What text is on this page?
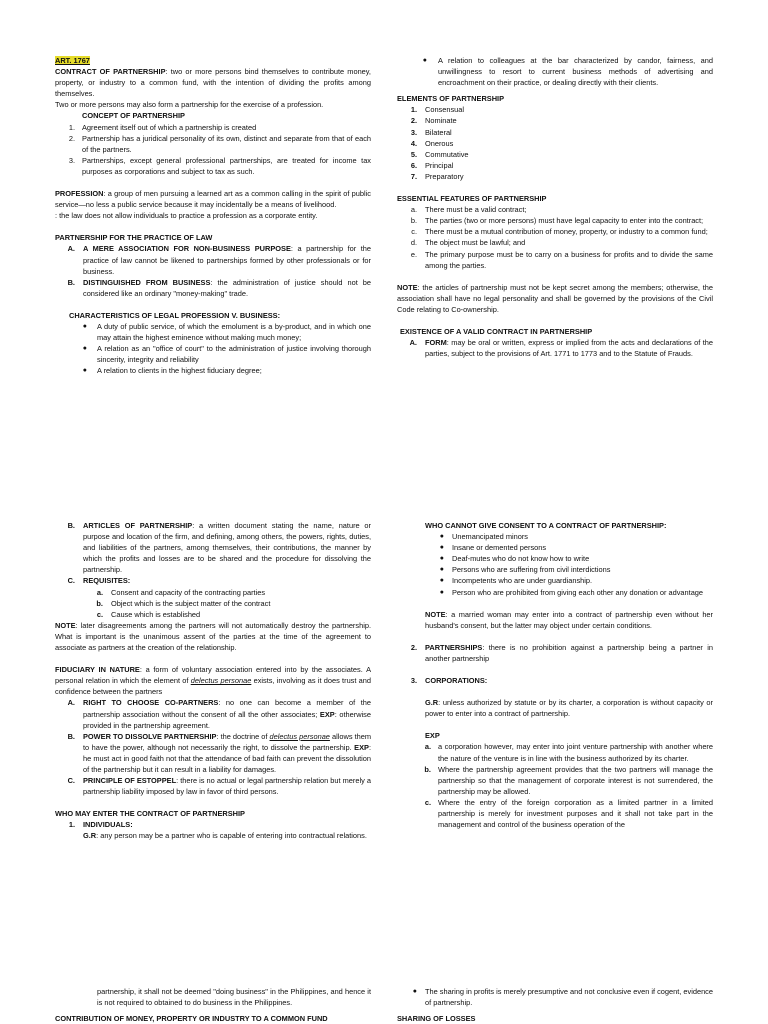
ART. 1767

CONTRACT OF PARTNERSHIP: two or more persons bind themselves to contribute money, property, or industry to a common fund, with the intention of dividing the profits among themselves.

Two or more persons may also form a partnership for the exercise of a profession.

CONCEPT OF PARTNERSHIP

1. Agreement itself out of which a partnership is created
2. Partnership has a juridical personality of its own, distinct and separate from that of each of the partners.
3. Partnerships, except general professional partnerships, are treated for income tax purposes as corporations and subject to tax as such.

PROFESSION: a group of men pursuing a learned art as a common calling in the spirit of public service—no less a public service because it may incidentally be a means of livelihood.

: the law does not allow individuals to practice a profession as a corporate entity.

PARTNERSHIP FOR THE PRACTICE OF LAW

A.	A MERE ASSOCIATION FOR NON-BUSINESS PURPOSE: a partnership for the practice of law cannot be likened to partnerships formed by other professionals or for business.
B.	DISTINGUISHED FROM BUSINESS: the administration of justice should not be considered like an ordinary "money-making" trade.

CHARACTERISTICS OF LEGAL PROFESSION V. BUSINESS:

●	A duty of public service, of which the emolument is a by-product, and in which one may attain the highest eminence without making much money;
●	A relation as an "office of court" to the administration of justice involving thorough sincerity, integrity and reliability
●	A relation to clients in the highest fiduciary degree;
●	A relation to colleagues at the bar characterized by candor, fairness, and unwillingness to resort to current business methods of advertising and encroachment on their practice, or dealing directly with their clients.

ELEMENTS OF PARTNERSHIP

1.	Consensual
2.	Nominate
3.	Bilateral
4.	Onerous
5.	Commutative
6.	Principal
7.	Preparatory

ESSENTIAL FEATURES OF PARTNERSHIP

a.	There must be a valid contract;
b.	The parties (two or more persons) must have legal capacity to enter into the contract;
c.	There must be a mutual contribution of money, property, or industry to a common fund;
d.	The object must be lawful; and
e.	The primary purpose must be to carry on a business for profits and to divide the same among the parties.

NOTE: the articles of partnership must not be kept secret among the members; otherwise, the association shall have no legal personality and shall be governed by the provisions of the Civil Code relating to Co-ownership.

EXISTENCE OF A VALID CONTRACT IN PARTNERSHIP

A.	FORM: may be oral or written, express or implied from the acts and declarations of the parties, subject to the provisions of Art. 1771 to 1773 and to the Statute of Frauds.
B.	ARTICLES OF PARTNERSHIP: a written document stating the name, nature or purpose and location of the firm, and defining, among others, the powers, rights, duties, and liabilities of the partners, among themselves, their contributions, the manner by which the profits and losses are to be shared and the procedure for dissolving the partnership.
C.	REQUISITES:
a.	Consent and capacity of the contracting parties
b.	Object which is the subject matter of the contract
c.	Cause which is established

NOTE: later disagreements among the partners will not automatically destroy the partnership. What is important is the unanimous assent of the parties at the time of the agreement to associate as partners at the creation of the relationship.

FIDUCIARY IN NATURE: a form of voluntary association entered into by the associates. A personal relation in which the element of delectus personae exists, involving as it does trust and confidence between the partners

A.	RIGHT TO CHOOSE CO-PARTNERS: no one can become a member of the partnership association without the consent of all the other associates; EXP: otherwise provided in the partnership agreement.
B.	POWER TO DISSOLVE PARTNERSHIP: the doctrine of delectus personae allows them to have the power, although not necessarily the right, to dissolve the partnership. EXP: he must act in good faith not that the attendance of bad faith can prevent the dissolution of the partnership but it can result in a liability for damages.
C.	PRINCIPLE OF ESTOPPEL: there is no actual or legal partnership relation but merely a partnership liability imposed by law in favor of third persons.

WHO MAY ENTER THE CONTRACT OF PARTNERSHIP

1.	INDIVIDUALS:

G.R: any person may be a partner who is capable of entering into contractual relations.

WHO CANNOT GIVE CONSENT TO A CONTRACT OF PARTNERSHIP:

●	Unemancipated minors
●	Insane or demented persons
●	Deaf-mutes who do not know how to write
●	Persons who are suffering from civil interdictions
●	Incompetents who are under guardianship.
●	Person who are prohibited from giving each other any donation or advantage

NOTE: a married woman may enter into a contract of partnership even without her husband's consent, but the latter may object under certain conditions.

2.	PARTNERSHIPS: there is no prohibition against a partnership being a partner in another partnership
3.	CORPORATIONS:

G.R: unless authorized by statute or by its charter, a corporation is without capacity or power to enter into a contract of partnership.

EXP

a. a corporation however, may enter into joint venture partnership with another where the nature of the venture is in line with the business authorized by its charter.
b. Where the partnership agreement provides that the two partners will manage the partnership so that the management of corporate interest is not surrendered, the partnership may be allowed.
c. Where the entry of the foreign corporation as a limited partner in a limited partnership is merely for investment purposes and it shall not take part in the management and control of the business operation of the

partnership, it shall not be deemed "doing business" in the Philippines, and hence it is not required to obtained to do business in the Philippines.

CONTRIBUTION OF MONEY, PROPERTY OR INDUSTRY TO A COMMON FUND

●	The sharing in profits is merely presumptive and not conclusive even if cogent, evidence of partnership.

SHARING OF LOSSES
